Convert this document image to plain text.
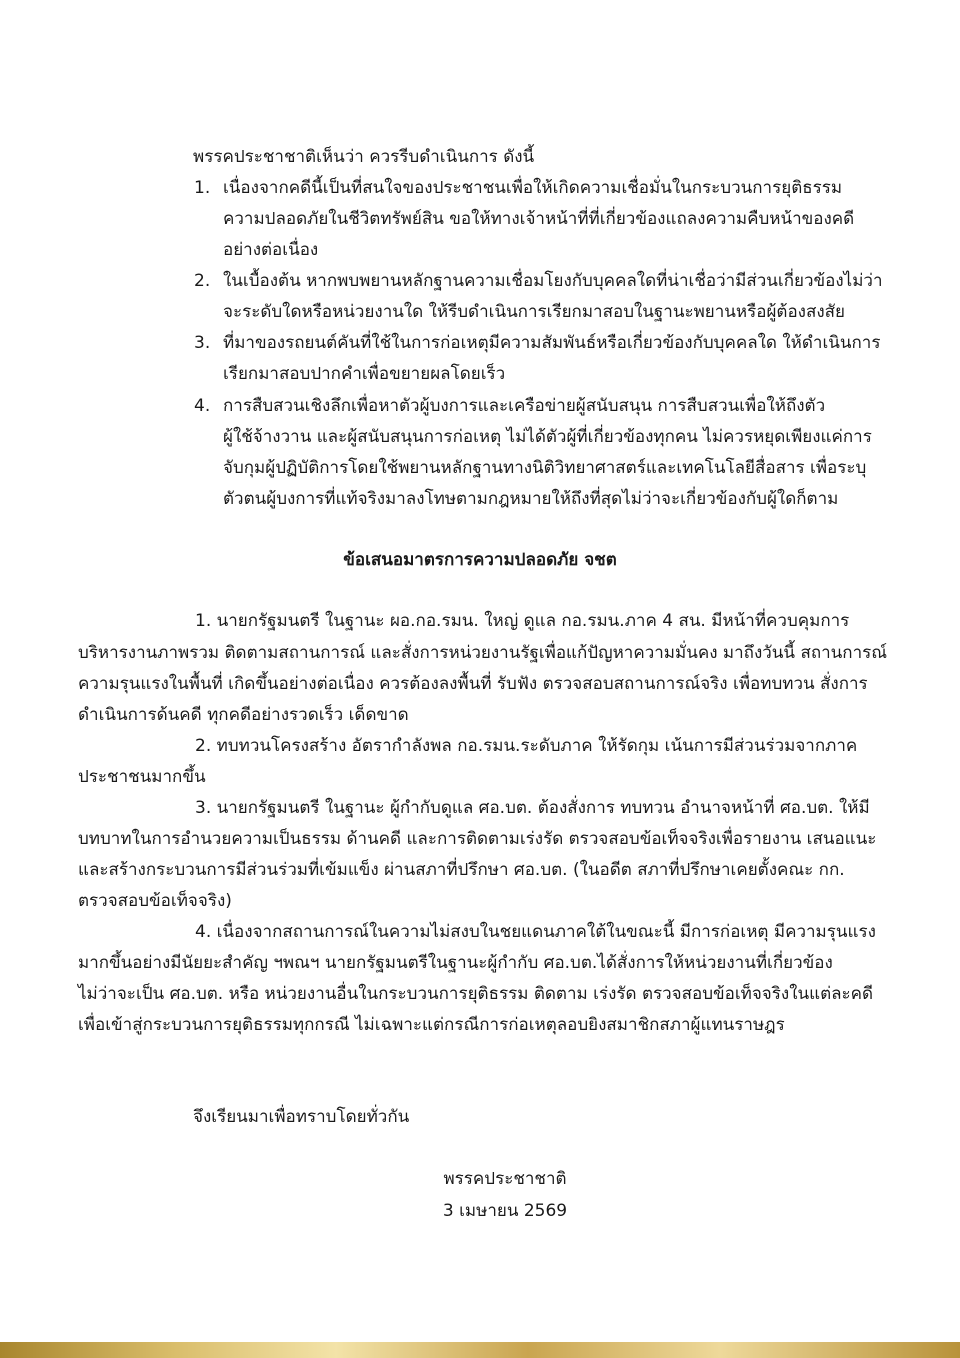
พรรคประชาชาติเห็นว่า ควรรีบดำเนินการ ดังนี้
1. เนื่องจากคดีนี้เป็นที่สนใจของประชาชนเพื่อให้เกิดความเชื่อมั่นในกระบวนการยุติธรรม
ความปลอดภัยในชีวิตทรัพย์สิน ขอให้ทางเจ้าหน้าที่ที่เกี่ยวข้องแถลงความคืบหน้าของคดี
อย่างต่อเนื่อง
2. ในเบื้องต้น หากพบพยานหลักฐานความเชื่อมโยงกับบุคคลใดที่น่าเชื่อว่ามีส่วนเกี่ยวข้องไม่ว่า
จะระดับใดหรือหน่วยงานใด ให้รีบดำเนินการเรียกมาสอบในฐานะพยานหรือผู้ต้องสงสัย
3. ที่มาของรถยนต์คันที่ใช้ในการก่อเหตุมีความสัมพันธ์หรือเกี่ยวข้องกับบุคคลใด ให้ดำเนินการ
เรียกมาสอบปากคำเพื่อขยายผลโดยเร็ว
4. การสืบสวนเชิงลึกเพื่อหาตัวผู้บงการและเครือข่ายผู้สนับสนุน การสืบสวนเพื่อให้ถึงตัว
ผู้ใช้จ้างวาน และผู้สนับสนุนการก่อเหตุ ไม่ได้ตัวผู้ที่เกี่ยวข้องทุกคน ไม่ควรหยุดเพียงแค่การ
จับกุมผู้ปฏิบัติการโดยใช้พยานหลักฐานทางนิติวิทยาศาสตร์และเทคโนโลยีสื่อสาร เพื่อระบุ
ตัวตนผู้บงการที่แท้จริงมาลงโทษตามกฎหมายให้ถึงที่สุดไม่ว่าจะเกี่ยวข้องกับผู้ใดก็ตาม
ข้อเสนอมาตรการความปลอดภัย จชต
1. นายกรัฐมนตรี ในฐานะ ผอ.กอ.รมน. ใหญ่ ดูแล กอ.รมน.ภาค 4 สน. มีหน้าที่ควบคุมการ
บริหารงานภาพรวม ติดตามสถานการณ์ และสั่งการหน่วยงานรัฐเพื่อแก้ปัญหาความมั่นคง มาถึงวันนี้ สถานการณ์
ความรุนแรงในพื้นที่ เกิดขึ้นอย่างต่อเนื่อง ควรต้องลงพื้นที่ รับฟัง ตรวจสอบสถานการณ์จริง เพื่อทบทวน สั่งการ
ดำเนินการด้นคดี ทุกคดีอย่างรวดเร็ว เด็ดขาด
2. ทบทวนโครงสร้าง อัตรากำลังพล กอ.รมน.ระดับภาค ให้รัดกุม เน้นการมีส่วนร่วมจากภาค
ประชาชนมากขึ้น
3. นายกรัฐมนตรี ในฐานะ ผู้กำกับดูแล ศอ.บต. ต้องสั่งการ ทบทวน อำนาจหน้าที่ ศอ.บต. ให้มี
บทบาทในการอำนวยความเป็นธรรม ด้านคดี และการติดตามเร่งรัด ตรวจสอบข้อเท็จจริงเพื่อรายงาน เสนอแนะ
และสร้างกระบวนการมีส่วนร่วมที่เข้มแข็ง ผ่านสภาที่ปรึกษา ศอ.บต. (ในอดีต สภาที่ปรึกษาเคยตั้งคณะ กก.
ตรวจสอบข้อเท็จจริง)
4. เนื่องจากสถานการณ์ในความไม่สงบในชยแดนภาคใต้ในขณะนี้ มีการก่อเหตุ มีความรุนแรง
มากขึ้นอย่างมีนัยยะสำคัญ ฯพณฯ นายกรัฐมนตรีในฐานะผู้กำกับ ศอ.บต.ได้สั่งการให้หน่วยงานที่เกี่ยวข้อง
ไม่ว่าจะเป็น ศอ.บต. หรือ หน่วยงานอื่นในกระบวนการยุติธรรม ติดตาม เร่งรัด ตรวจสอบข้อเท็จจริงในแต่ละคดี
เพื่อเข้าสู่กระบวนการยุติธรรมทุกกรณี ไม่เฉพาะแต่กรณีการก่อเหตุลอบยิงสมาชิกสภาผู้แทนราษฎร
จึงเรียนมาเพื่อทราบโดยทั่วกัน
พรรคประชาชาติ
3 เมษายน 2569
